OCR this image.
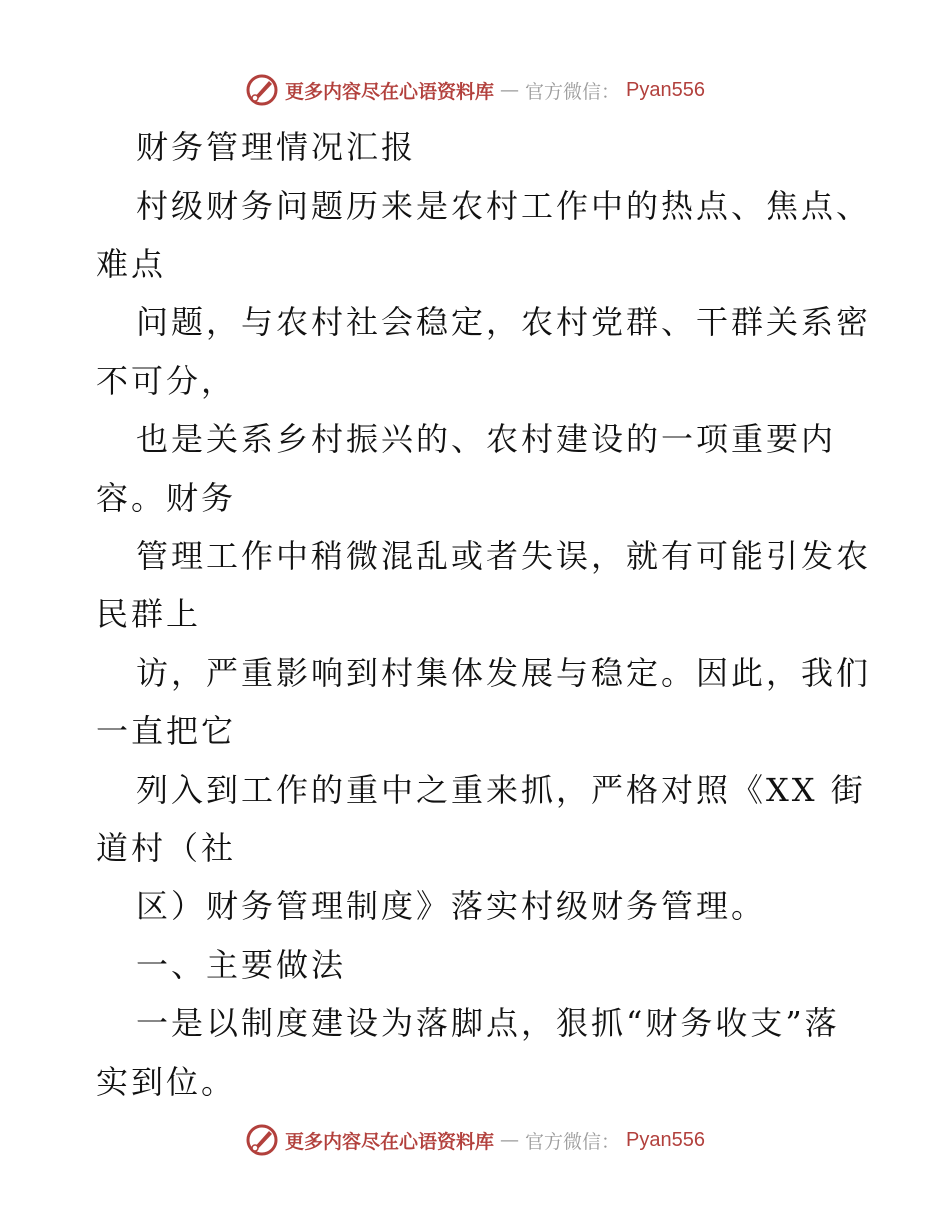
更多内容尽在心语资料库 — 官方微信： Pyan556
财务管理情况汇报
村级财务问题历来是农村工作中的热点、焦点、
难点
问题，与农村社会稳定，农村党群、干群关系密
不可分，
也是关系乡村振兴的、农村建设的一项重要内
容。财务
管理工作中稍微混乱或者失误，就有可能引发农
民群上
访，严重影响到村集体发展与稳定。因此，我们
一直把它
列入到工作的重中之重来抓，严格对照《XX 街
道村（社
区）财务管理制度》落实村级财务管理。
一、主要做法
一是以制度建设为落脚点，狠抓“财务收支”落
实到位。
更多内容尽在心语资料库 — 官方微信： Pyan556
